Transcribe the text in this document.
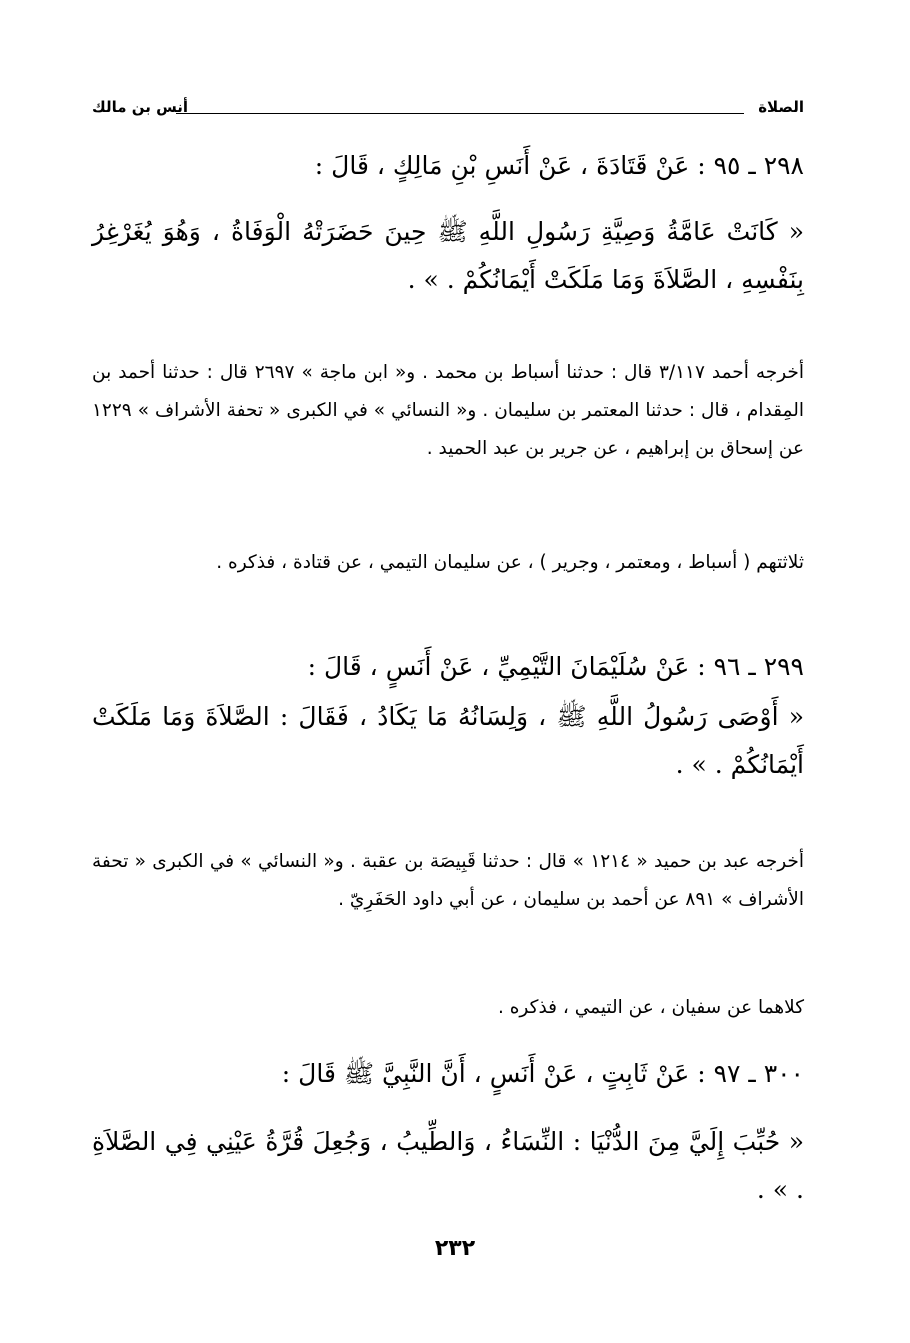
الصلاة
أنس بن مالك
٢٩٨ ـ ٩٥ : عَنْ قَتَادَةَ ، عَنْ أَنَسِ بْنِ مَالِكٍ ، قَالَ :
« كَانَتْ عَامَّةُ وَصِيَّةِ رَسُولِ اللَّهِ ﷺ حِينَ حَضَرَتْهُ الْوَفَاةُ ، وَهُوَ يُغَرْغِرُ بِنَفْسِهِ ، الصَّلاَةَ وَمَا مَلَكَتْ أَيْمَانُكُمْ . » .
أخرجه أحمد ٣/١١٧ قال : حدثنا أسباط بن محمد . و« ابن ماجة » ٢٦٩٧ قال : حدثنا أحمد بن المِقدام ، قال : حدثنا المعتمر بن سليمان . و« النسائي » في الكبرى « تحفة الأشراف » ١٢٢٩ عن إسحاق بن إبراهيم ، عن جرير بن عبد الحميد .
ثلاثتهم ( أسباط ، ومعتمر ، وجرير ) ، عن سليمان التيمي ، عن قتادة ، فذكره .
٢٩٩ ـ ٩٦ : عَنْ سُلَيْمَانَ التَّيْمِيِّ ، عَنْ أَنَسٍ ، قَالَ :
« أَوْصَى رَسُولُ اللَّهِ ﷺ ، وَلِسَانُهُ مَا يَكَادُ ، فَقَالَ : الصَّلاَةَ وَمَا مَلَكَتْ أَيْمَانُكُمْ . » .
أخرجه عبد بن حميد « ١٢١٤ » قال : حدثنا قَبِيصَة بن عقبة . و« النسائي » في الكبرى « تحفة الأشراف » ٨٩١ عن أحمد بن سليمان ، عن أبي داود الحَفَرِيّ .
كلاهما عن سفيان ، عن التيمي ، فذكره .
٣٠٠ ـ ٩٧ : عَنْ ثَابِتٍ ، عَنْ أَنَسٍ ، أَنَّ النَّبِيَّ ﷺ قَالَ :
« حُبِّبَ إِلَيَّ مِنَ الدُّنْيَا : النِّسَاءُ ، وَالطِّيبُ ، وَجُعِلَ قُرَّةُ عَيْنِي فِي الصَّلاَةِ . » .
٢٣٢
